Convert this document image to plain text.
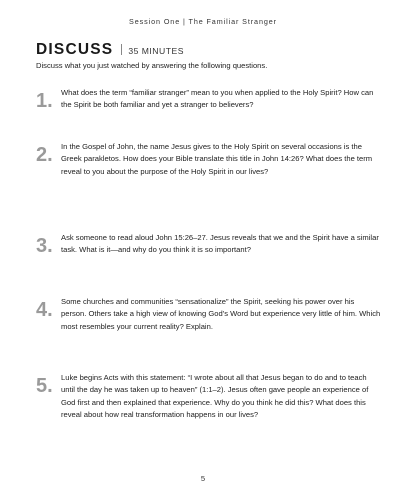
Session One | The Familiar Stranger
DISCUSS 35 MINUTES
Discuss what you just watched by answering the following questions.
1. What does the term “familiar stranger” mean to you when applied to the Holy Spirit? How can the Spirit be both familiar and yet a stranger to believers?
2. In the Gospel of John, the name Jesus gives to the Holy Spirit on several occasions is the Greek parakletos. How does your Bible translate this title in John 14:26? What does the term reveal to you about the purpose of the Holy Spirit in our lives?
3. Ask someone to read aloud John 15:26–27. Jesus reveals that we and the Spirit have a similar task. What is it—and why do you think it is so important?
4. Some churches and communities “sensationalize” the Spirit, seeking his power over his person. Others take a high view of knowing God’s Word but experience very little of him. Which most resembles your current reality? Explain.
5. Luke begins Acts with this statement: “I wrote about all that Jesus began to do and to teach until the day he was taken up to heaven” (1:1–2). Jesus often gave people an experience of God first and then explained that experience. Why do you think he did this? What does this reveal about how real transformation happens in our lives?
5
